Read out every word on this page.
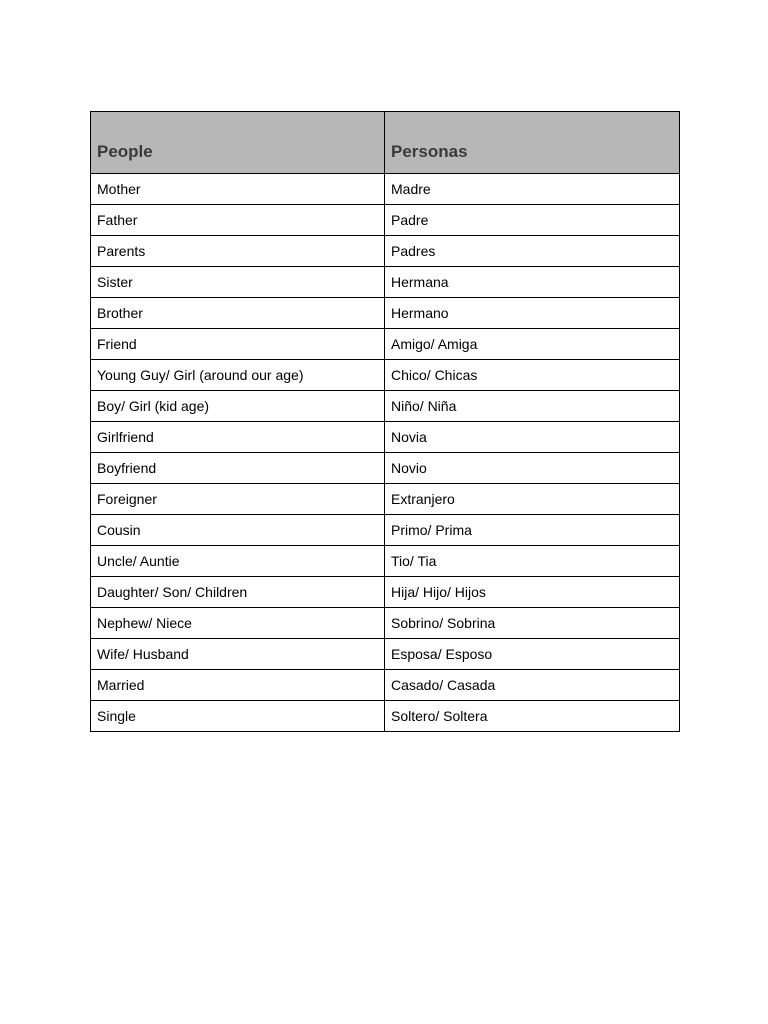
People	Personas
Mother	Madre
Father	Padre
Parents	Padres
Sister	Hermana
Brother	Hermano
Friend	Amigo/ Amiga
Young Guy/ Girl (around our age)	Chico/ Chicas
Boy/ Girl (kid age)	Niño/ Niña
Girlfriend	Novia
Boyfriend	Novio
Foreigner	Extranjero
Cousin	Primo/ Prima
Uncle/ Auntie	Tio/ Tia
Daughter/ Son/ Children	Hija/ Hijo/ Hijos
Nephew/ Niece	Sobrino/ Sobrina
Wife/ Husband	Esposa/ Esposo
Married	Casado/ Casada
Single	Soltero/ Soltera
